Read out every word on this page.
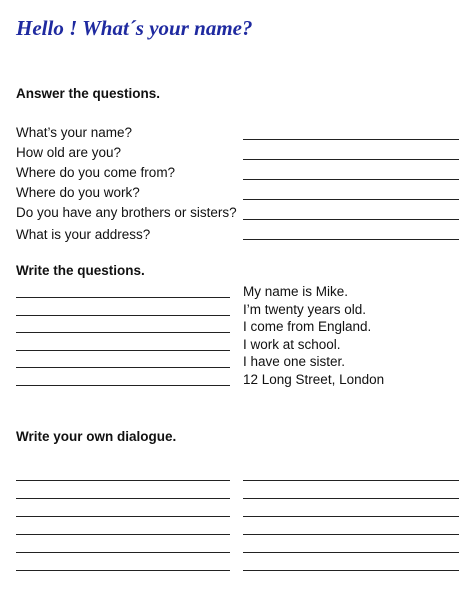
Hello ! What´s your name?
Answer the questions.
What’s your name?
How old are you?
Where do you come from?
Where do you work?
Do you have any brothers or sisters?
What is your address?
Write the questions.
My name is Mike.
I’m twenty years old.
I come from England.
I work at school.
I have one sister.
12 Long Street, London
Write your own dialogue.
